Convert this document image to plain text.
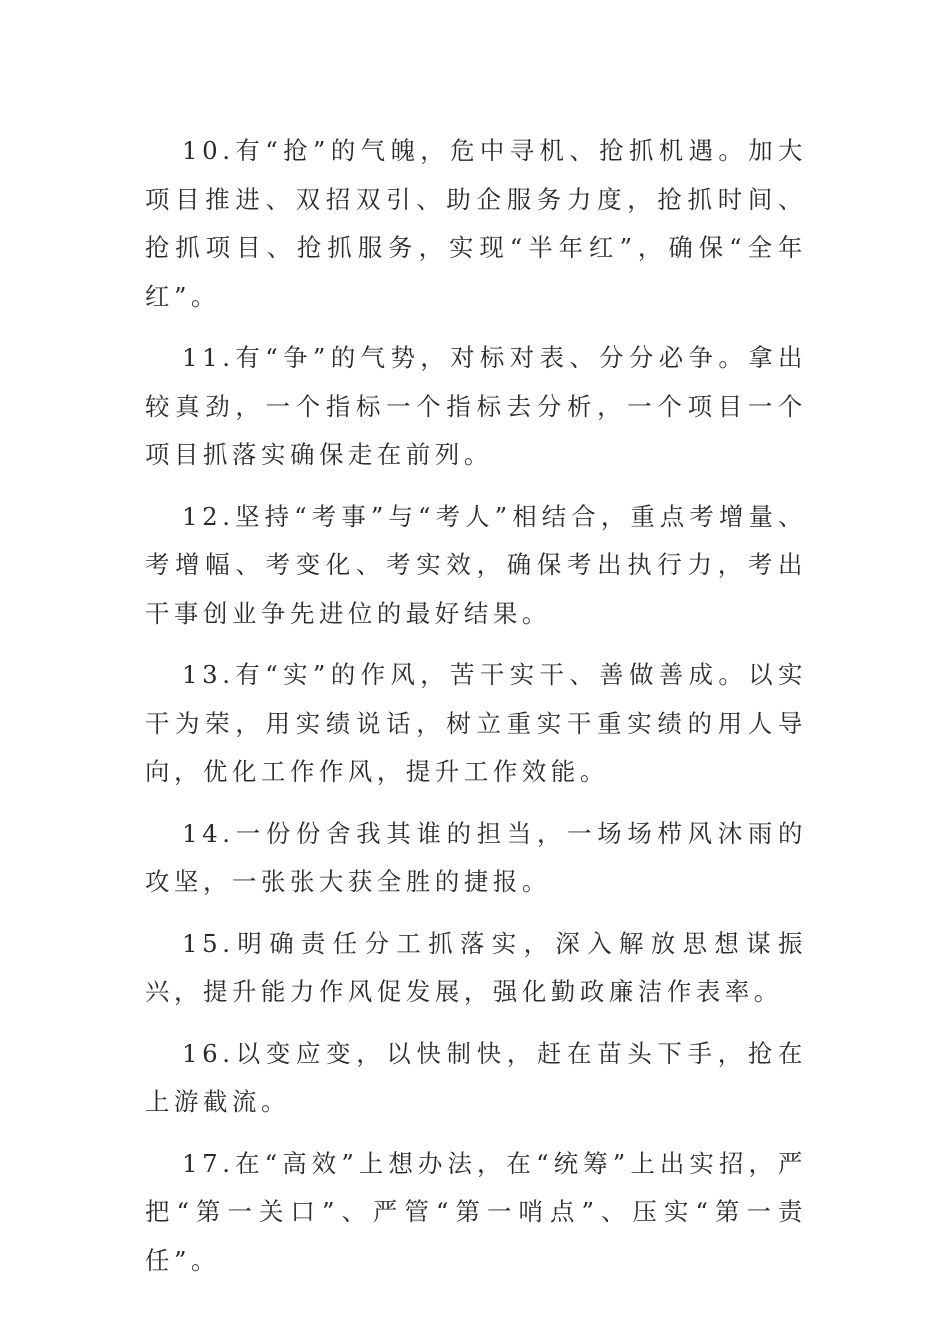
10.有“抢”的气魄，危中寻机、抢抓机遇。加大项目推进、双招双引、助企服务力度，抢抓时间、抢抓项目、抢抓服务，实现“半年红”，确保“全年红”。

11.有“争”的气势，对标对表、分分必争。拿出较真劲，一个指标一个指标去分析，一个项目一个项目抓落实确保走在前列。

12.坚持“考事”与“考人”相结合，重点考增量、考增幅、考变化、考实效，确保考出执行力，考出干事创业争先进位的最好结果。

13.有“实”的作风，苦干实干、善做善成。以实干为荣，用实绩说话，树立重实干重实绩的用人导向，优化工作作风，提升工作效能。

14.一份份舍我其谁的担当，一场场栉风沐雨的攻坚，一张张大获全胜的捷报。

15.明确责任分工抓落实，深入解放思想谋振兴，提升能力作风促发展，强化勤政廉洁作表率。

16.以变应变，以快制快，赶在苗头下手，抢在上游截流。

17.在“高效”上想办法，在“统筹”上出实招，严把“第一关口”、严管“第一哨点”、压实“第一责任”。
